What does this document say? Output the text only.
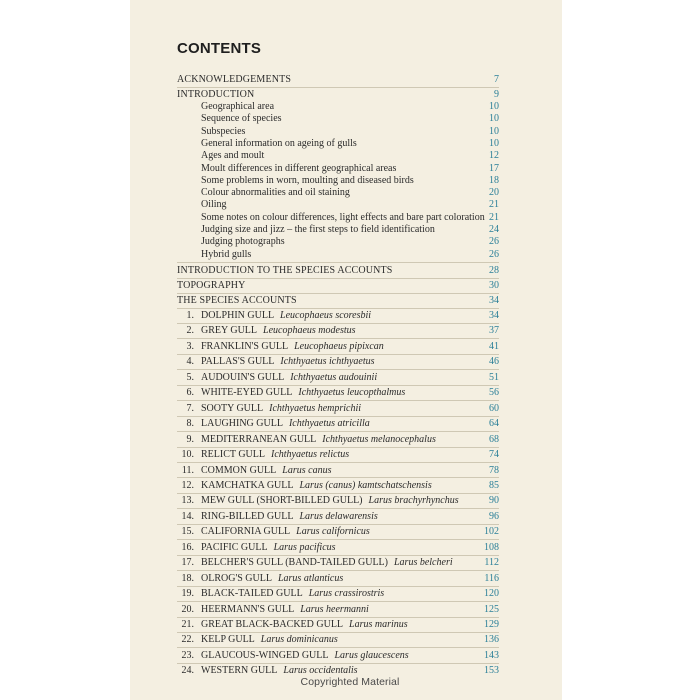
CONTENTS
ACKNOWLEDGEMENTS	7
INTRODUCTION	9
Geographical area	10
Sequence of species	10
Subspecies	10
General information on ageing of gulls	10
Ages and moult	12
Moult differences in different geographical areas	17
Some problems in worn, moulting and diseased birds	18
Colour abnormalities and oil staining	20
Oiling	21
Some notes on colour differences, light effects and bare part coloration 21
Judging size and jizz – the first steps to field identification	24
Judging photographs	26
Hybrid gulls	26
INTRODUCTION TO THE SPECIES ACCOUNTS	28
TOPOGRAPHY	30
THE SPECIES ACCOUNTS	34
1. DOLPHIN GULL Leucophaeus scoresbii	34
2. GREY GULL Leucophaeus modestus	37
3. FRANKLIN'S GULL Leucophaeus pipixcan	41
4. PALLAS'S GULL Ichthyaetus ichthyaetus	46
5. AUDOUIN'S GULL Ichthyaetus audouinii	51
6. WHITE-EYED GULL Ichthyaetus leucopthalmus	56
7. SOOTY GULL Ichthyaetus hemprichii	60
8. LAUGHING GULL Ichthyaetus atricilla	64
9. MEDITERRANEAN GULL Ichthyaetus melanocephalus	68
10. RELICT GULL Ichthyaetus relictus	74
11. COMMON GULL Larus canus	78
12. KAMCHATKA GULL Larus (canus) kamtschatschensis	85
13. MEW GULL (SHORT-BILLED GULL) Larus brachyrhynchus	90
14. RING-BILLED GULL Larus delawarensis	96
15. CALIFORNIA GULL Larus californicus	102
16. PACIFIC GULL Larus pacificus	108
17. BELCHER'S GULL (BAND-TAILED GULL) Larus belcheri	112
18. OLROG'S GULL Larus atlanticus	116
19. BLACK-TAILED GULL Larus crassirostris	120
20. HEERMANN'S GULL Larus heermanni	125
21. GREAT BLACK-BACKED GULL Larus marinus	129
22. KELP GULL Larus dominicanus	136
23. GLAUCOUS-WINGED GULL Larus glaucescens	143
24. WESTERN GULL Larus occidentalis	153
Copyrighted Material
